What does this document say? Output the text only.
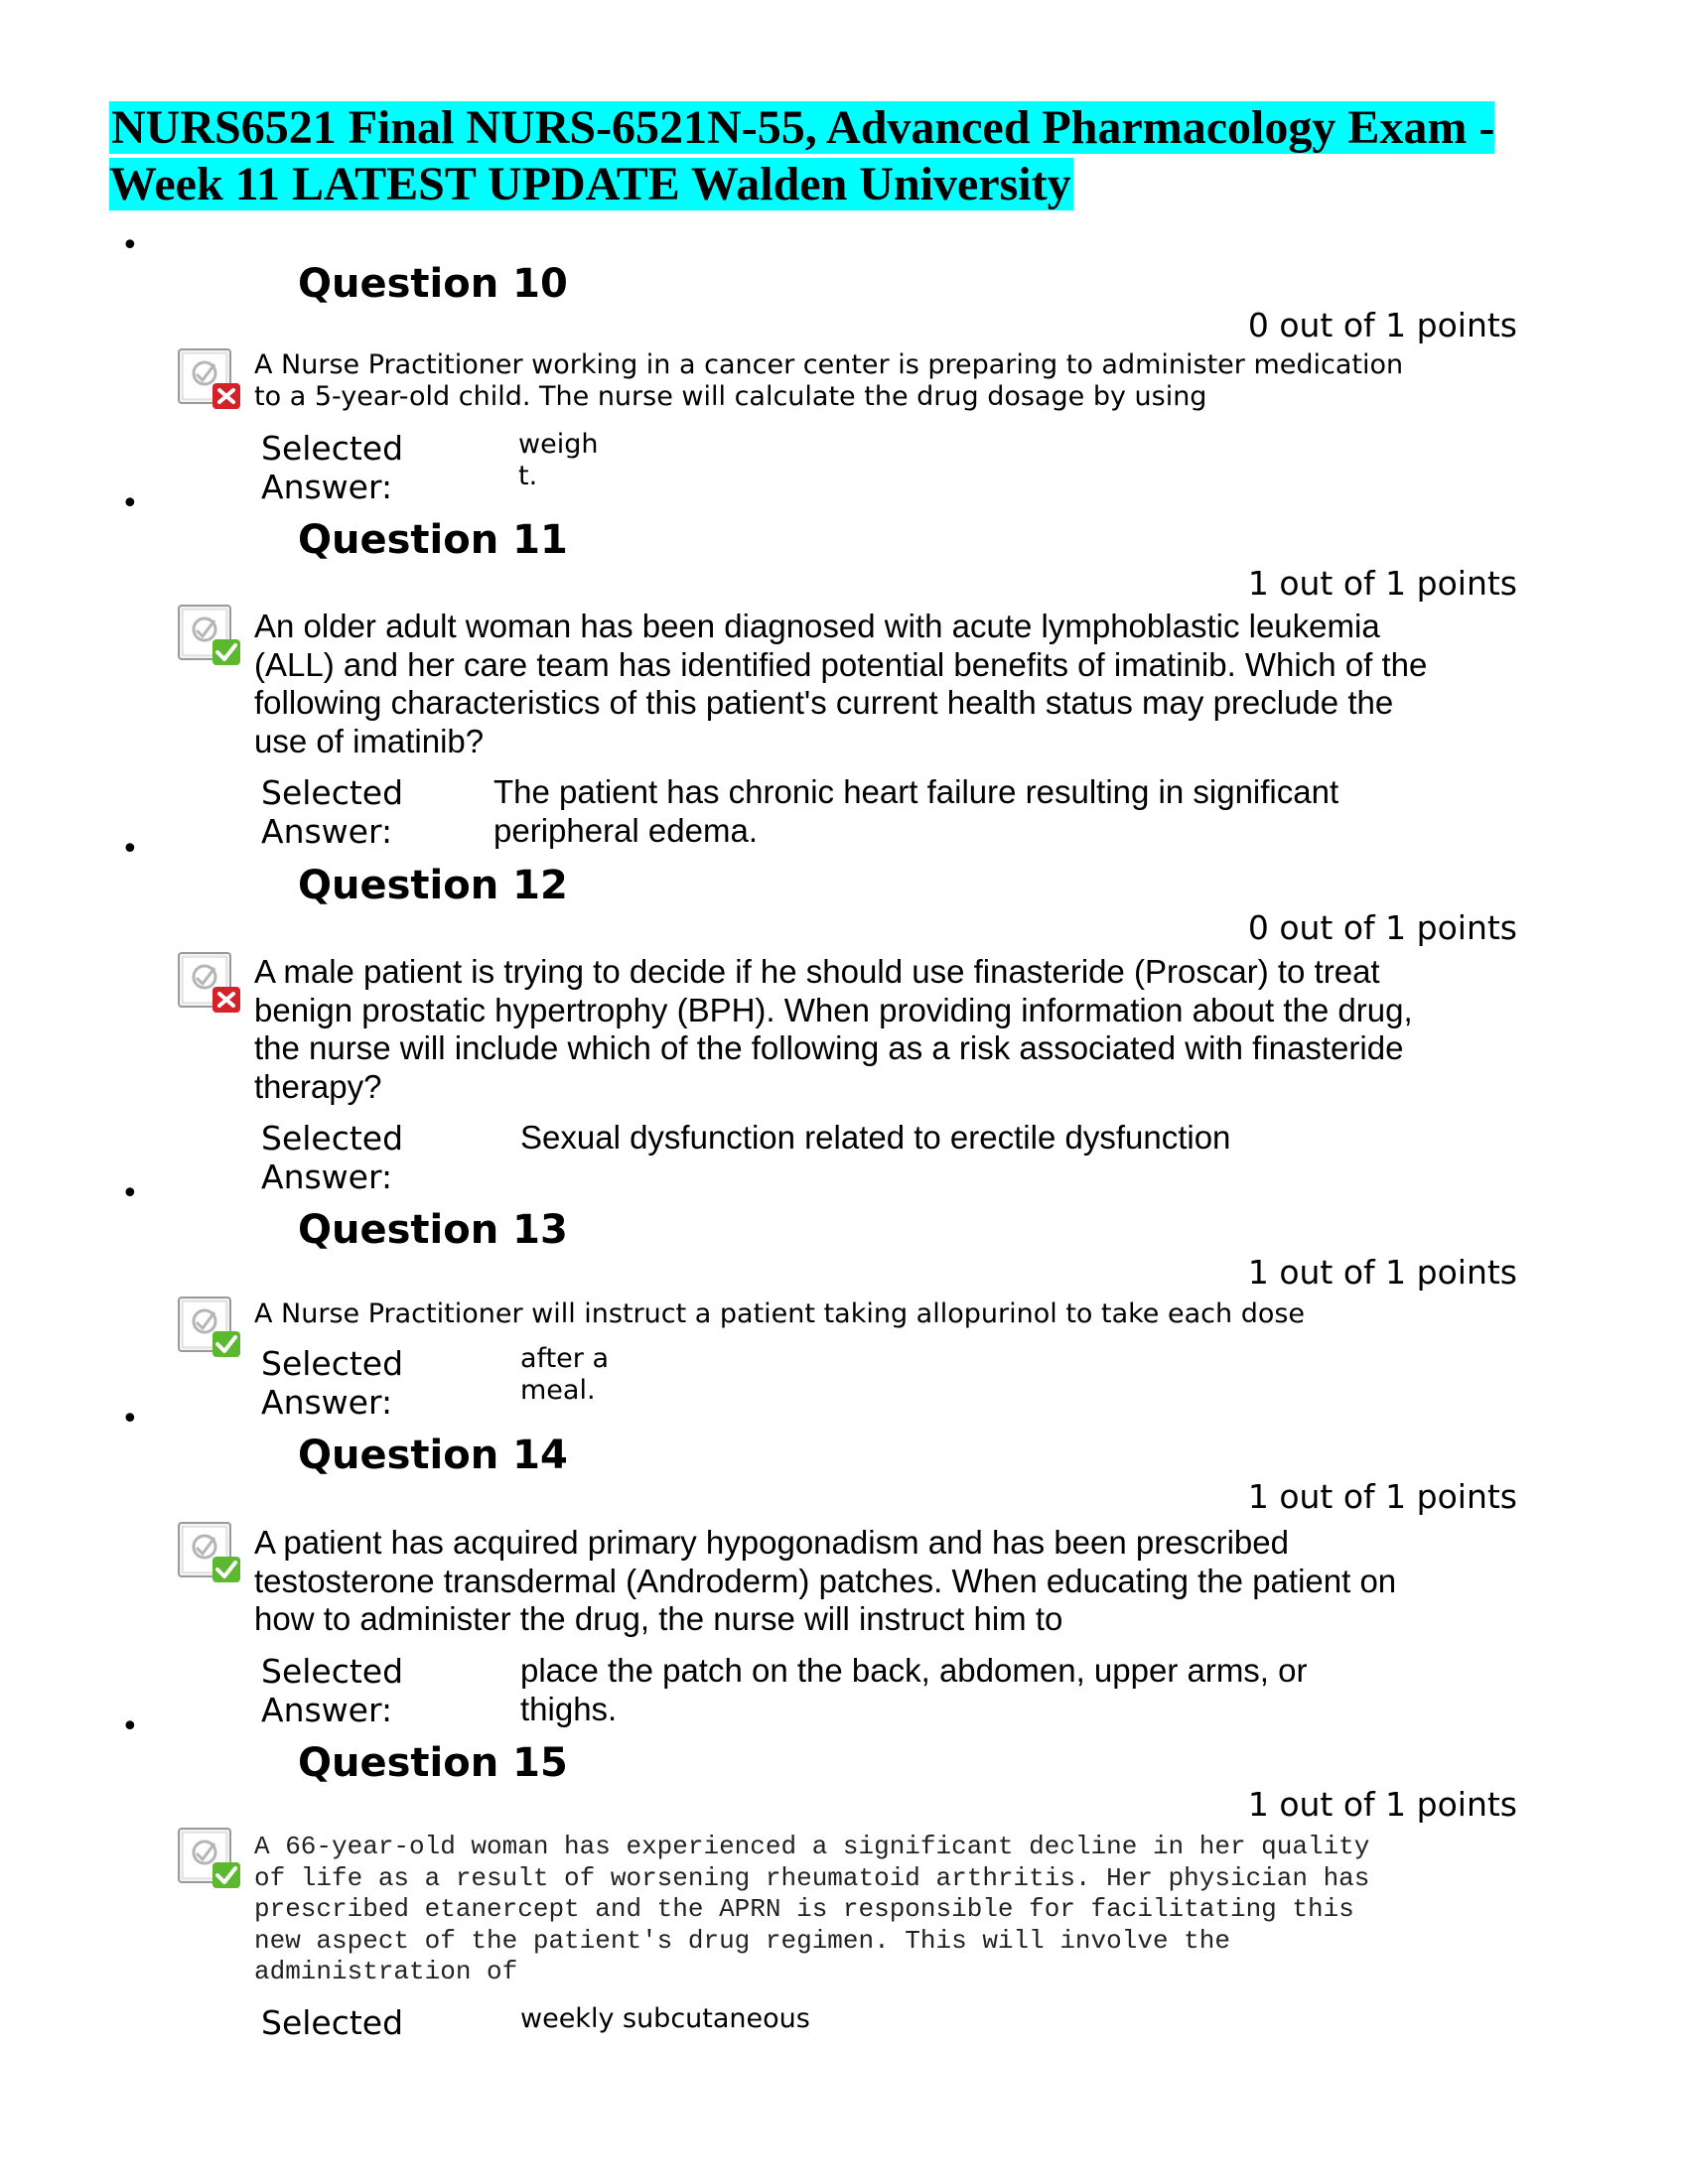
NURS6521 Final NURS-6521N-55, Advanced Pharmacology Exam - Week 11 LATEST UPDATE Walden University
•
Question 10
0 out of 1 points
A Nurse Practitioner working in a cancer center is preparing to administer medication to a 5-year-old child. The nurse will calculate the drug dosage by using
Selected
Answer:
weigh t.
•
Question 11
1 out of 1 points
An older adult woman has been diagnosed with acute lymphoblastic leukemia (ALL) and her care team has identified potential benefits of imatinib. Which of the following characteristics of this patient's current health status may preclude the use of imatinib?
Selected
Answer:
The patient has chronic heart failure resulting in significant peripheral edema.
•
Question 12
0 out of 1 points
A male patient is trying to decide if he should use finasteride (Proscar) to treat benign prostatic hypertrophy (BPH). When providing information about the drug, the nurse will include which of the following as a risk associated with finasteride therapy?
Selected
Answer:
Sexual dysfunction related to erectile dysfunction
•
Question 13
1 out of 1 points
A Nurse Practitioner will instruct a patient taking allopurinol to take each dose
Selected
Answer:
after a meal.
•
Question 14
1 out of 1 points
A patient has acquired primary hypogonadism and has been prescribed testosterone transdermal (Androderm) patches. When educating the patient on how to administer the drug, the nurse will instruct him to
Selected
Answer:
place the patch on the back, abdomen, upper arms, or thighs.
•
Question 15
1 out of 1 points
A 66-year-old woman has experienced a significant decline in her quality of life as a result of worsening rheumatoid arthritis. Her physician has prescribed etanercept and the APRN is responsible for facilitating this new aspect of the patient's drug regimen. This will involve the administration of
Selected	weekly subcutaneous
